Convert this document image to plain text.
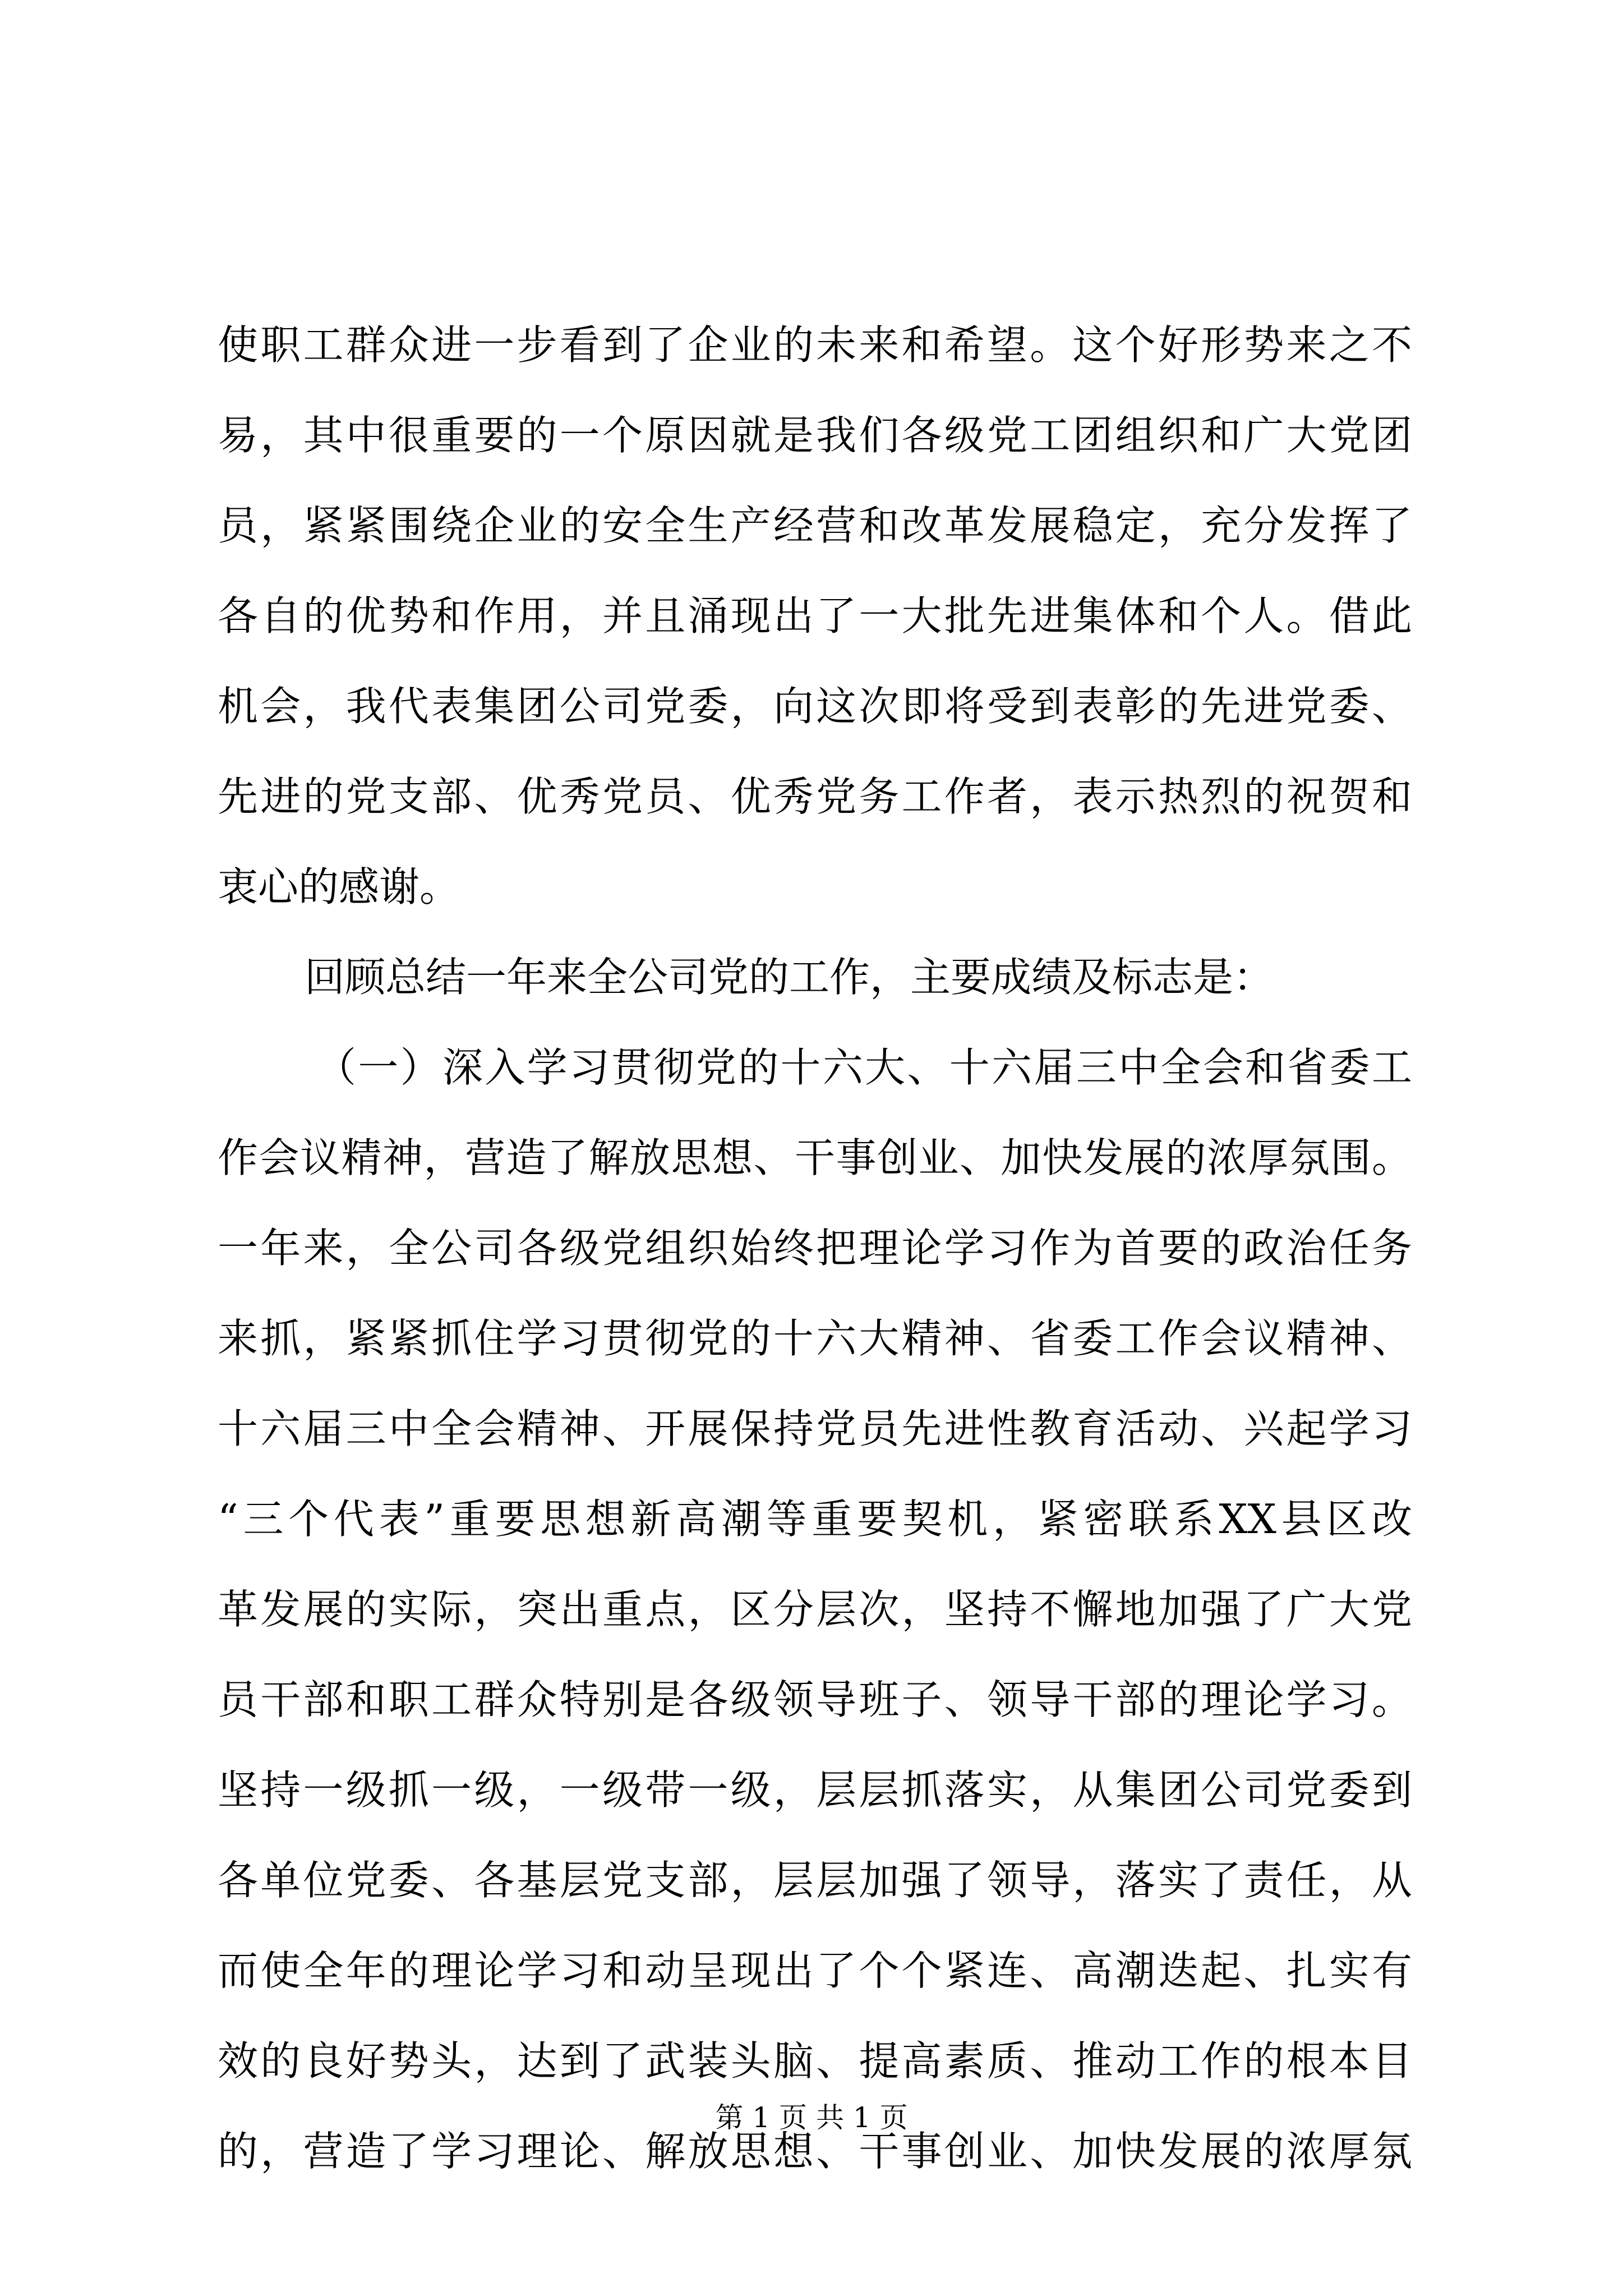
使职工群众进一步看到了企业的未来和希望。这个好形势来之不
易，其中很重要的一个原因就是我们各级党工团组织和广大党团
员，紧紧围绕企业的安全生产经营和改革发展稳定，充分发挥了
各自的优势和作用，并且涌现出了一大批先进集体和个人。借此
机会，我代表集团公司党委，向这次即将受到表彰的先进党委、
先进的党支部、优秀党员、优秀党务工作者，表示热烈的祝贺和
衷心的感谢。
回顾总结一年来全公司党的工作，主要成绩及标志是：
（一）深入学习贯彻党的十六大、十六届三中全会和省委工
作会议精神，营造了解放思想、干事创业、加快发展的浓厚氛围。
一年来，全公司各级党组织始终把理论学习作为首要的政治任务
来抓，紧紧抓住学习贯彻党的十六大精神、省委工作会议精神、
十六届三中全会精神、开展保持党员先进性教育活动、兴起学习
“三个代表”重要思想新高潮等重要契机，紧密联系XX县区改
革发展的实际，突出重点，区分层次，坚持不懈地加强了广大党
员干部和职工群众特别是各级领导班子、领导干部的理论学习。
坚持一级抓一级，一级带一级，层层抓落实，从集团公司党委到
各单位党委、各基层党支部，层层加强了领导，落实了责任，从
而使全年的理论学习和动呈现出了个个紧连、高潮迭起、扎实有
效的良好势头，达到了武装头脑、提高素质、推动工作的根本目
的，营造了学习理论、解放思想、干事创业、加快发展的浓厚氛
第 1 页 共 1 页
